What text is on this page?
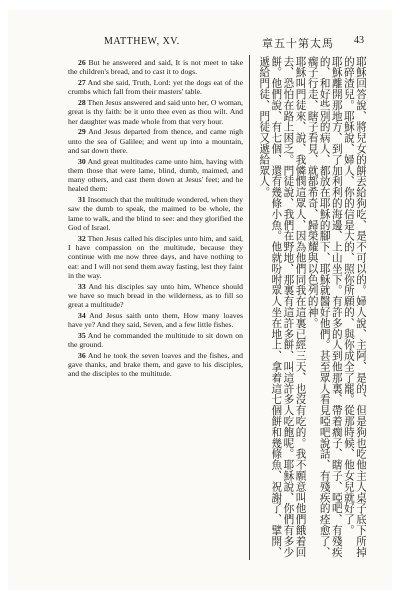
MATTHEW, XV.	章五十第太馬 43

26 But he answered and said, It is not meet to take the children's bread, and to cast it to dogs.

27 And she said, Truth, Lord: yet the dogs eat of the crumbs which fall from their masters' table.

28 Then Jesus answered and said unto her, O woman, great is thy faith: be it unto thee even as thou wilt. And her daughter was made whole from that very hour.

29 And Jesus departed from thence, and came nigh unto the sea of Galilee; and went up into a mountain, and sat down there.

30 And great multitudes came unto him, having with them those that were lame, blind, dumb, maimed, and many others, and cast them down at Jesus' feet; and he healed them:

31 Insomuch that the multitude wondered, when they saw the dumb to speak, the maimed to be whole, the lame to walk, and the blind to see: and they glorified the God of Israel.

32 Then Jesus called his disciples unto him, and said, I have compassion on the multitude, because they continue with me now three days, and have nothing to eat: and I will not send them away fasting, lest they faint in the way.

33 And his disciples say unto him, Whence should we have so much bread in the wilderness, as to fill so great a multitude?

34 And Jesus saith unto them, How many loaves have ye? And they said, Seven, and a few little fishes.

35 And he commanded the multitude to sit down on the ground.

36 And he took the seven loaves and the fishes, and gave thanks, and brake them, and gave to his disciples, and the disciples to the multitude.	耶穌回答說、將兒女的餅丟給狗吃、是不可以的。婦人說、主阿、是的、但是狗也吃他主人桌子底下所掉的碎渣兒。耶穌說、婦人、你的信是大的、照你所願的、與你成全了罷。從那時候、他女兒就好了。

耶穌離開那地方、到了加利利的海邊、上山坐下。有許多的人到他那裏、帶着瘸子、瞎子、啞吧、有殘疾的、和好些別的病人、都放在耶穌的腳下、耶穌就醫好他們。甚至眾人看見啞吧說話、有殘疾的痊愈了、瘸子行走、瞎子看見、就都希奇、歸榮耀與以色列的神。

耶穌叫門徒來、說、我憐憫這眾人、因為他們同我在這裏已經三天、也沒有吃的。我不願意叫他們餓着回去、恐怕在路上困乏。門徒說、我們在野地、那裏有這許多餅、叫這許多人吃飽呢。耶穌說、你們有多少餅。他們說、有七個、還有幾條小魚。他就吩咐眾人坐在地上、拿着這七個餅和幾條魚、祝謝了、擘開、遞給門徒、門徒又遞給眾人。
